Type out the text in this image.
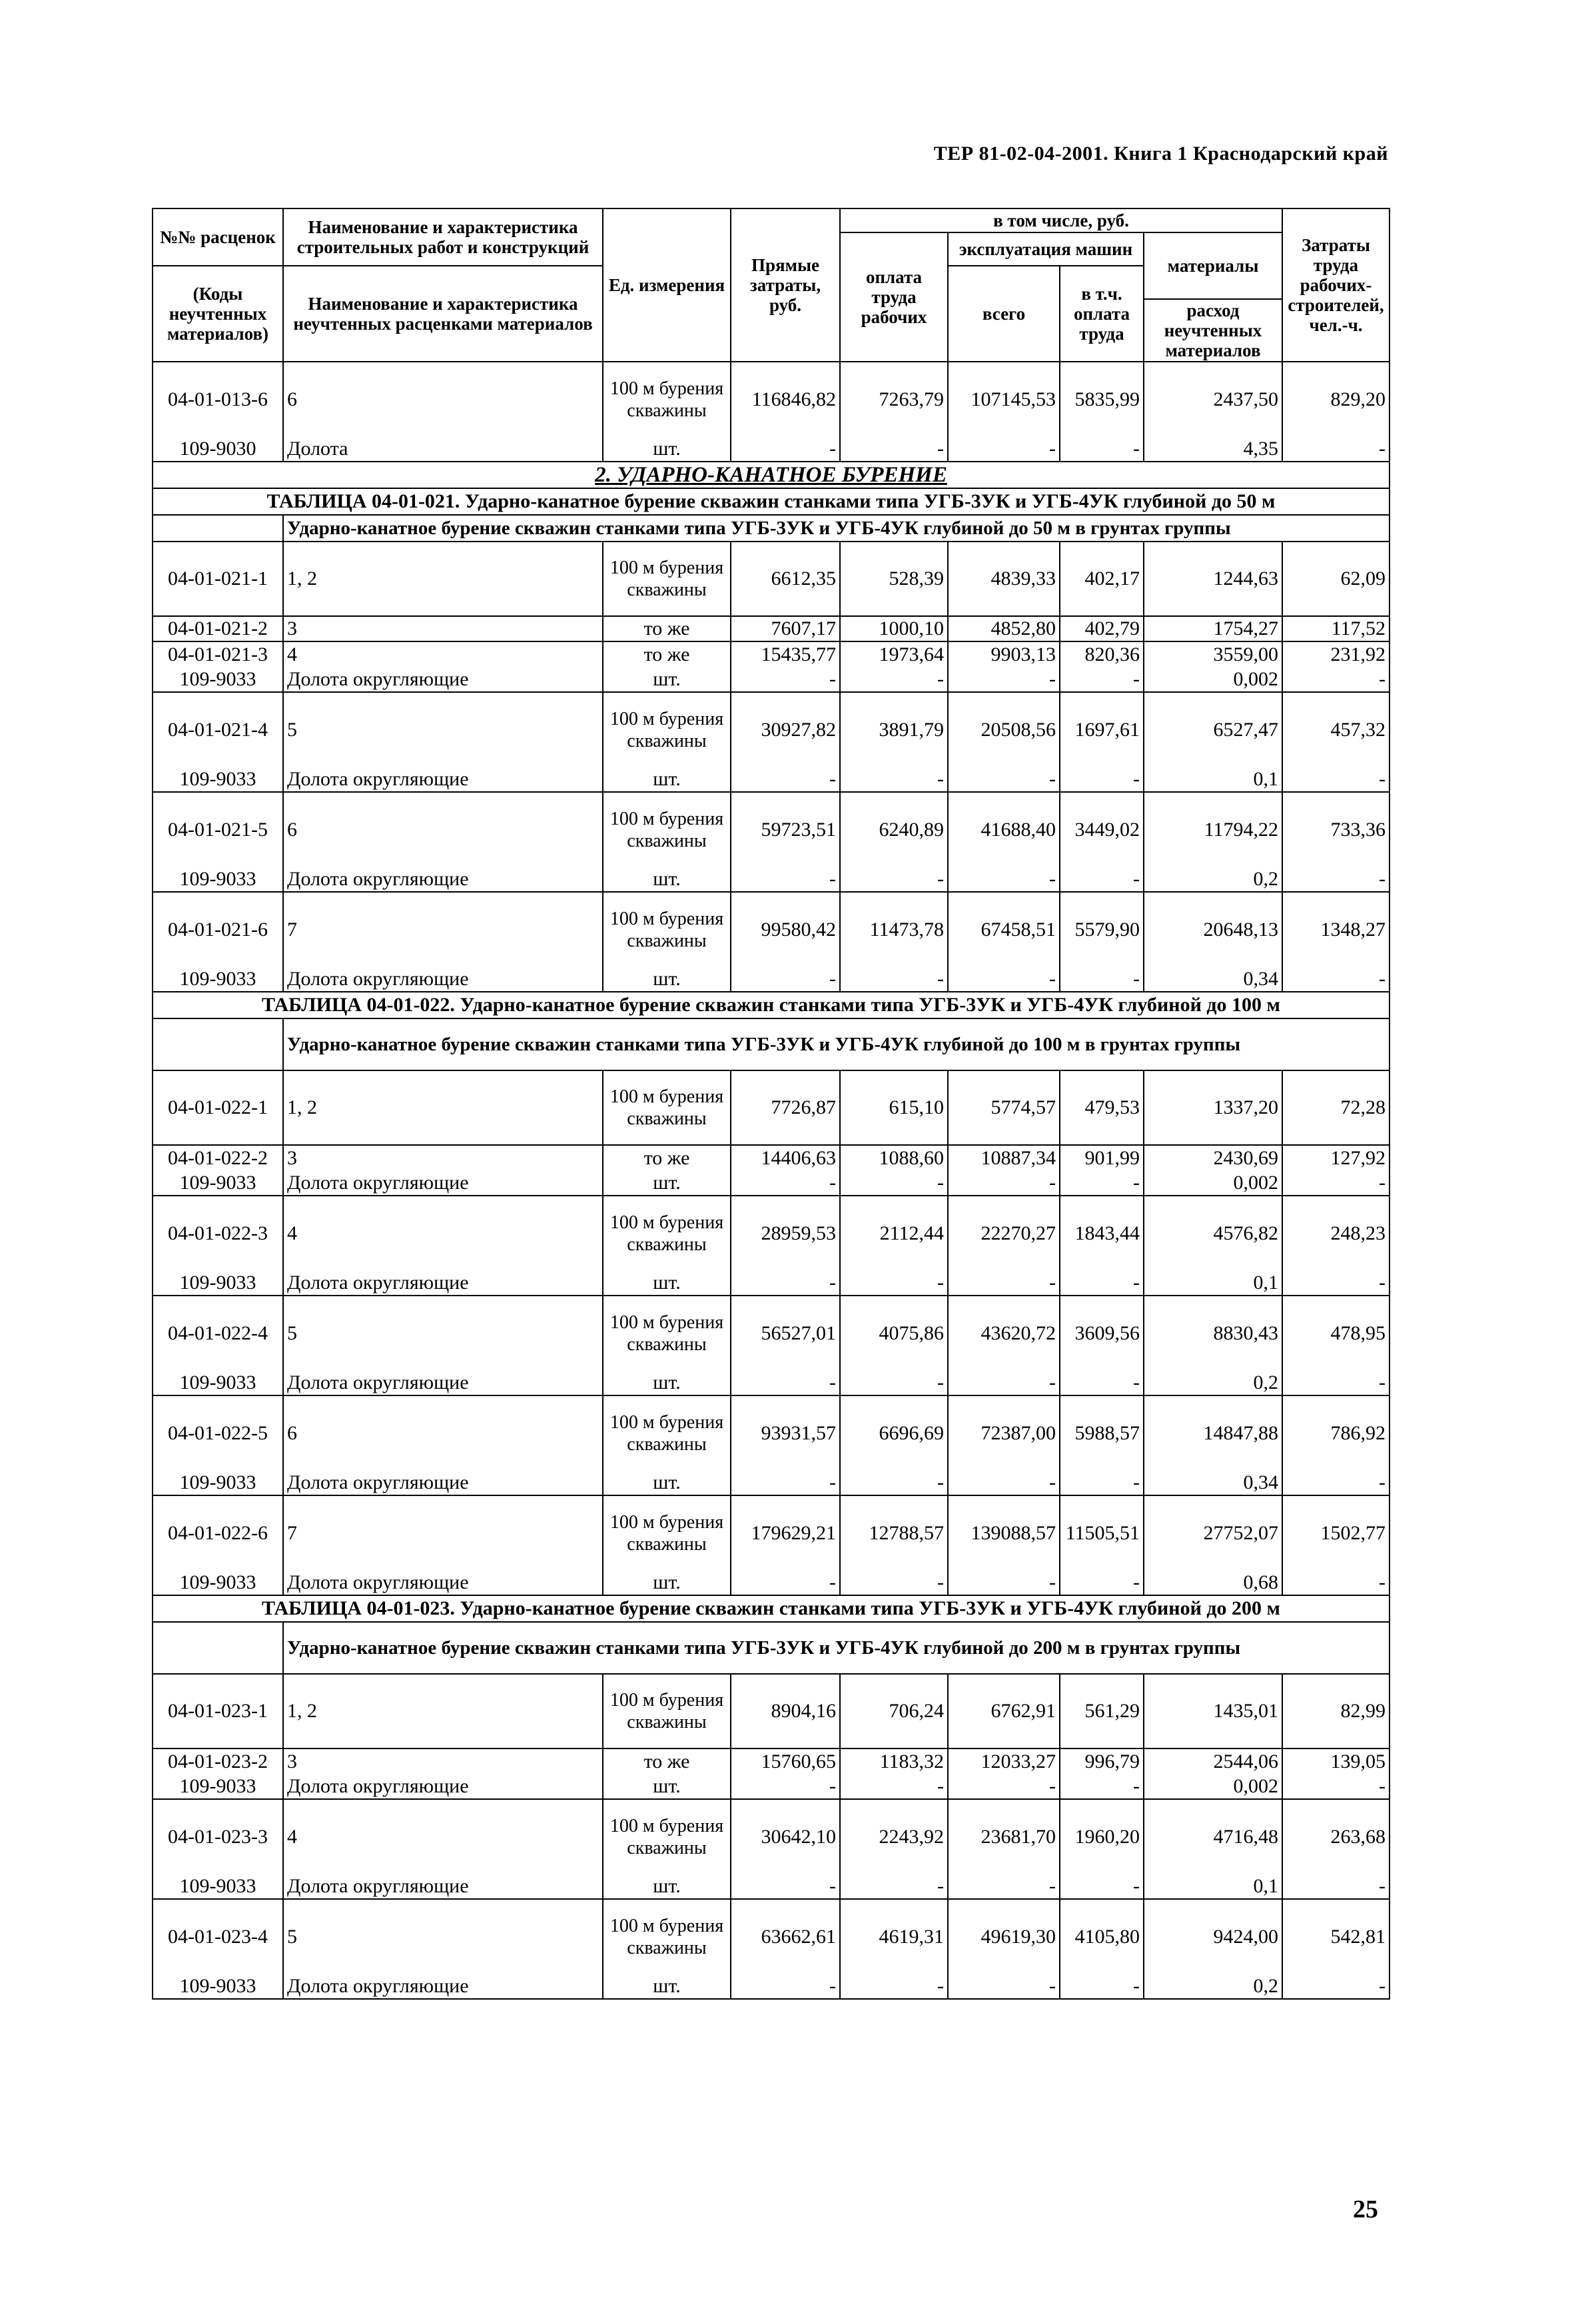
ТЕР 81-02-04-2001. Книга 1 Краснодарский край
№№ расценок	Наименование и характеристика строительных работ и конструкций	Ед. измерения	Прямые затраты, руб.	в том числе, руб.				Затраты труда рабочих-строителей, чел.-ч.
				оплата труда рабочих	эксплуатация машин		материалы	
(Коды неучтенных материалов)	Наименование и характеристика неучтенных расценками материалов				всего	в т.ч. оплата труда		
							расход неучтенных материалов	
04-01-013-6	6	100 м бурения скважины	116846,82	7263,79	107145,53	5835,99	2437,50	829,20
109-9030	Долота	шт.	-	-	-	-	4,35	-
2. УДАРНО-КАНАТНОЕ БУРЕНИЕ								
ТАБЛИЦА 04-01-021. Ударно-канатное бурение скважин станками типа УГБ-3УК и УГБ-4УК глубиной до 50 м								
	Ударно-канатное бурение скважин станками типа УГБ-3УК и УГБ-4УК глубиной до 50 м в грунтах группы							
04-01-021-1	1, 2	100 м бурения скважины	6612,35	528,39	4839,33	402,17	1244,63	62,09
04-01-021-2	3	то же	7607,17	1000,10	4852,80	402,79	1754,27	117,52
04-01-021-3	4	то же	15435,77	1973,64	9903,13	820,36	3559,00	231,92
109-9033	Долота округляющие	шт.	-	-	-	-	0,002	-
04-01-021-4	5	100 м бурения скважины	30927,82	3891,79	20508,56	1697,61	6527,47	457,32
109-9033	Долота округляющие	шт.	-	-	-	-	0,1	-
04-01-021-5	6	100 м бурения скважины	59723,51	6240,89	41688,40	3449,02	11794,22	733,36
109-9033	Долота округляющие	шт.	-	-	-	-	0,2	-
04-01-021-6	7	100 м бурения скважины	99580,42	11473,78	67458,51	5579,90	20648,13	1348,27
109-9033	Долота округляющие	шт.	-	-	-	-	0,34	-
ТАБЛИЦА 04-01-022. Ударно-канатное бурение скважин станками типа УГБ-3УК и УГБ-4УК глубиной до 100 м								
	Ударно-канатное бурение скважин станками типа УГБ-3УК и УГБ-4УК глубиной до 100 м в грунтах группы							
04-01-022-1	1, 2	100 м бурения скважины	7726,87	615,10	5774,57	479,53	1337,20	72,28
04-01-022-2	3	то же	14406,63	1088,60	10887,34	901,99	2430,69	127,92
109-9033	Долота округляющие	шт.	-	-	-	-	0,002	-
04-01-022-3	4	100 м бурения скважины	28959,53	2112,44	22270,27	1843,44	4576,82	248,23
109-9033	Долота округляющие	шт.	-	-	-	-	0,1	-
04-01-022-4	5	100 м бурения скважины	56527,01	4075,86	43620,72	3609,56	8830,43	478,95
109-9033	Долота округляющие	шт.	-	-	-	-	0,2	-
04-01-022-5	6	100 м бурения скважины	93931,57	6696,69	72387,00	5988,57	14847,88	786,92
109-9033	Долота округляющие	шт.	-	-	-	-	0,34	-
04-01-022-6	7	100 м бурения скважины	179629,21	12788,57	139088,57	11505,51	27752,07	1502,77
109-9033	Долота округляющие	шт.	-	-	-	-	0,68	-
ТАБЛИЦА 04-01-023. Ударно-канатное бурение скважин станками типа УГБ-3УК и УГБ-4УК глубиной до 200 м								
	Ударно-канатное бурение скважин станками типа УГБ-3УК и УГБ-4УК глубиной до 200 м в грунтах группы							
04-01-023-1	1, 2	100 м бурения скважины	8904,16	706,24	6762,91	561,29	1435,01	82,99
04-01-023-2	3	то же	15760,65	1183,32	12033,27	996,79	2544,06	139,05
109-9033	Долота округляющие	шт.	-	-	-	-	0,002	-
04-01-023-3	4	100 м бурения скважины	30642,10	2243,92	23681,70	1960,20	4716,48	263,68
109-9033	Долота округляющие	шт.	-	-	-	-	0,1	-
04-01-023-4	5	100 м бурения скважины	63662,61	4619,31	49619,30	4105,80	9424,00	542,81
109-9033	Долота округляющие	шт.	-	-	-	-	0,2	-
25
